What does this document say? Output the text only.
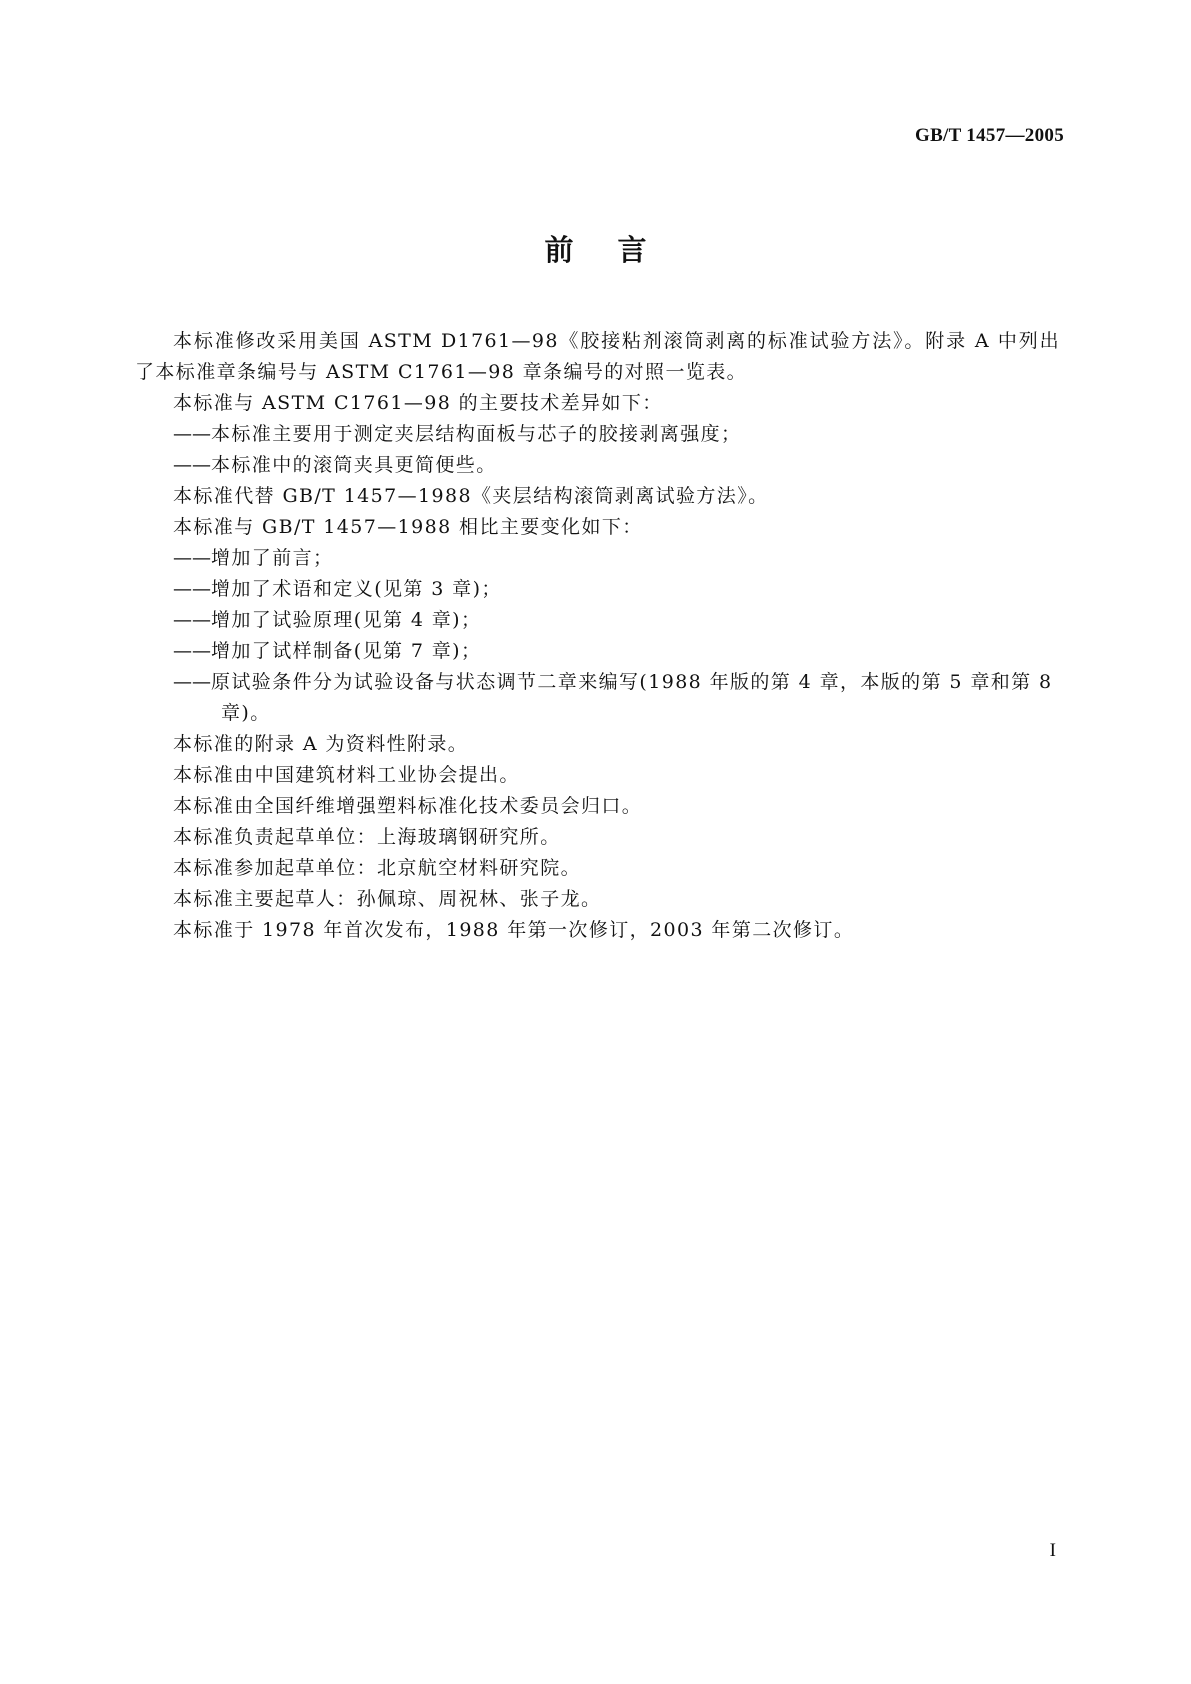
GB/T 1457—2005
前言

本标准修改采用美国 ASTM D1761—98《胶接粘剂滚筒剥离的标准试验方法》。附录 A 中列出了本标准章条编号与 ASTM C1761—98 章条编号的对照一览表。

本标准与 ASTM C1761—98 的主要技术差异如下：

——本标准主要用于测定夹层结构面板与芯子的胶接剥离强度；

——本标准中的滚筒夹具更简便些。

本标准代替 GB/T 1457—1988《夹层结构滚筒剥离试验方法》。

本标准与 GB/T 1457—1988 相比主要变化如下：

——增加了前言；

——增加了术语和定义(见第 3 章)；

——增加了试验原理(见第 4 章)；

——增加了试样制备(见第 7 章)；

——原试验条件分为试验设备与状态调节二章来编写(1988 年版的第 4 章，本版的第 5 章和第 8 章)。

本标准的附录 A 为资料性附录。

本标准由中国建筑材料工业协会提出。

本标准由全国纤维增强塑料标准化技术委员会归口。

本标准负责起草单位：上海玻璃钢研究所。

本标准参加起草单位：北京航空材料研究院。

本标准主要起草人：孙佩琼、周祝林、张子龙。

本标准于 1978 年首次发布，1988 年第一次修订，2003 年第二次修订。

I
